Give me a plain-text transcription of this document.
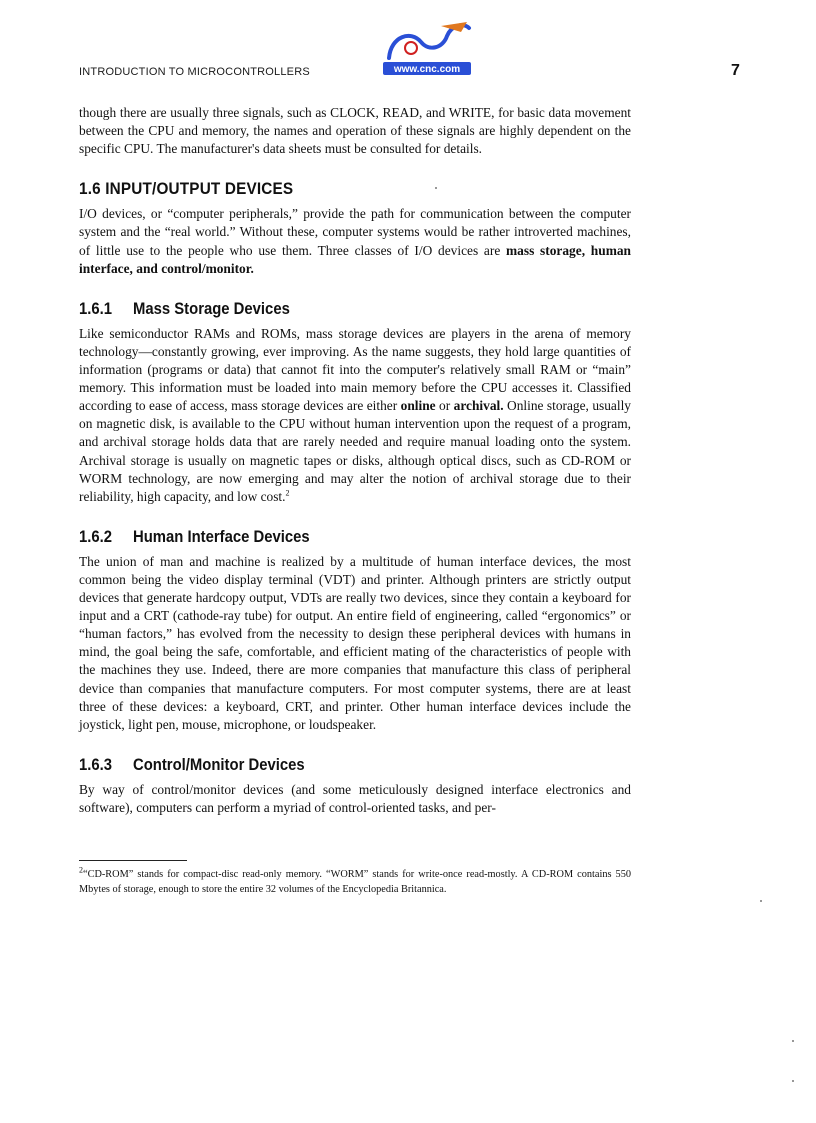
INTRODUCTION TO MICROCONTROLLERS	www.cnc.com	7

though there are usually three signals, such as CLOCK, READ, and WRITE, for basic data movement between the CPU and memory, the names and operation of these signals are highly dependent on the specific CPU. The manufacturer's data sheets must be consulted for details.

1.6 INPUT/OUTPUT DEVICES

I/O devices, or “computer peripherals,” provide the path for communication between the computer system and the “real world.” Without these, computer systems would be rather introverted machines, of little use to the people who use them. Three classes of I/O devices are mass storage, human interface, and control/monitor.

1.6.1 Mass Storage Devices

Like semiconductor RAMs and ROMs, mass storage devices are players in the arena of memory technology—constantly growing, ever improving. As the name suggests, they hold large quantities of information (programs or data) that cannot fit into the computer's relatively small RAM or “main” memory. This information must be loaded into main memory before the CPU accesses it. Classified according to ease of access, mass storage devices are either online or archival. Online storage, usually on magnetic disk, is available to the CPU without human intervention upon the request of a program, and archival storage holds data that are rarely needed and require manual loading onto the system. Archival storage is usually on magnetic tapes or disks, although optical discs, such as CD-ROM or WORM technology, are now emerging and may alter the notion of archival storage due to their reliability, high capacity, and low cost.$^2$

1.6.2 Human Interface Devices

The union of man and machine is realized by a multitude of human interface devices, the most common being the video display terminal (VDT) and printer. Although printers are strictly output devices that generate hardcopy output, VDTs are really two devices, since they contain a keyboard for input and a CRT (cathode-ray tube) for output. An entire field of engineering, called “ergonomics” or “human factors,” has evolved from the necessity to design these peripheral devices with humans in mind, the goal being the safe, comfortable, and efficient mating of the characteristics of people with the machines they use. Indeed, there are more companies that manufacture this class of peripheral device than companies that manufacture computers. For most computer systems, there are at least three of these devices: a keyboard, CRT, and printer. Other human interface devices include the joystick, light pen, mouse, microphone, or loudspeaker.

1.6.3 Control/Monitor Devices

By way of control/monitor devices (and some meticulously designed interface electronics and software), computers can perform a myriad of control-oriented tasks, and per-

$^2$“CD-ROM” stands for compact-disc read-only memory. “WORM” stands for write-once read-mostly. A CD-ROM contains 550 Mbytes of storage, enough to store the entire 32 volumes of the Encyclopedia Britannica.
